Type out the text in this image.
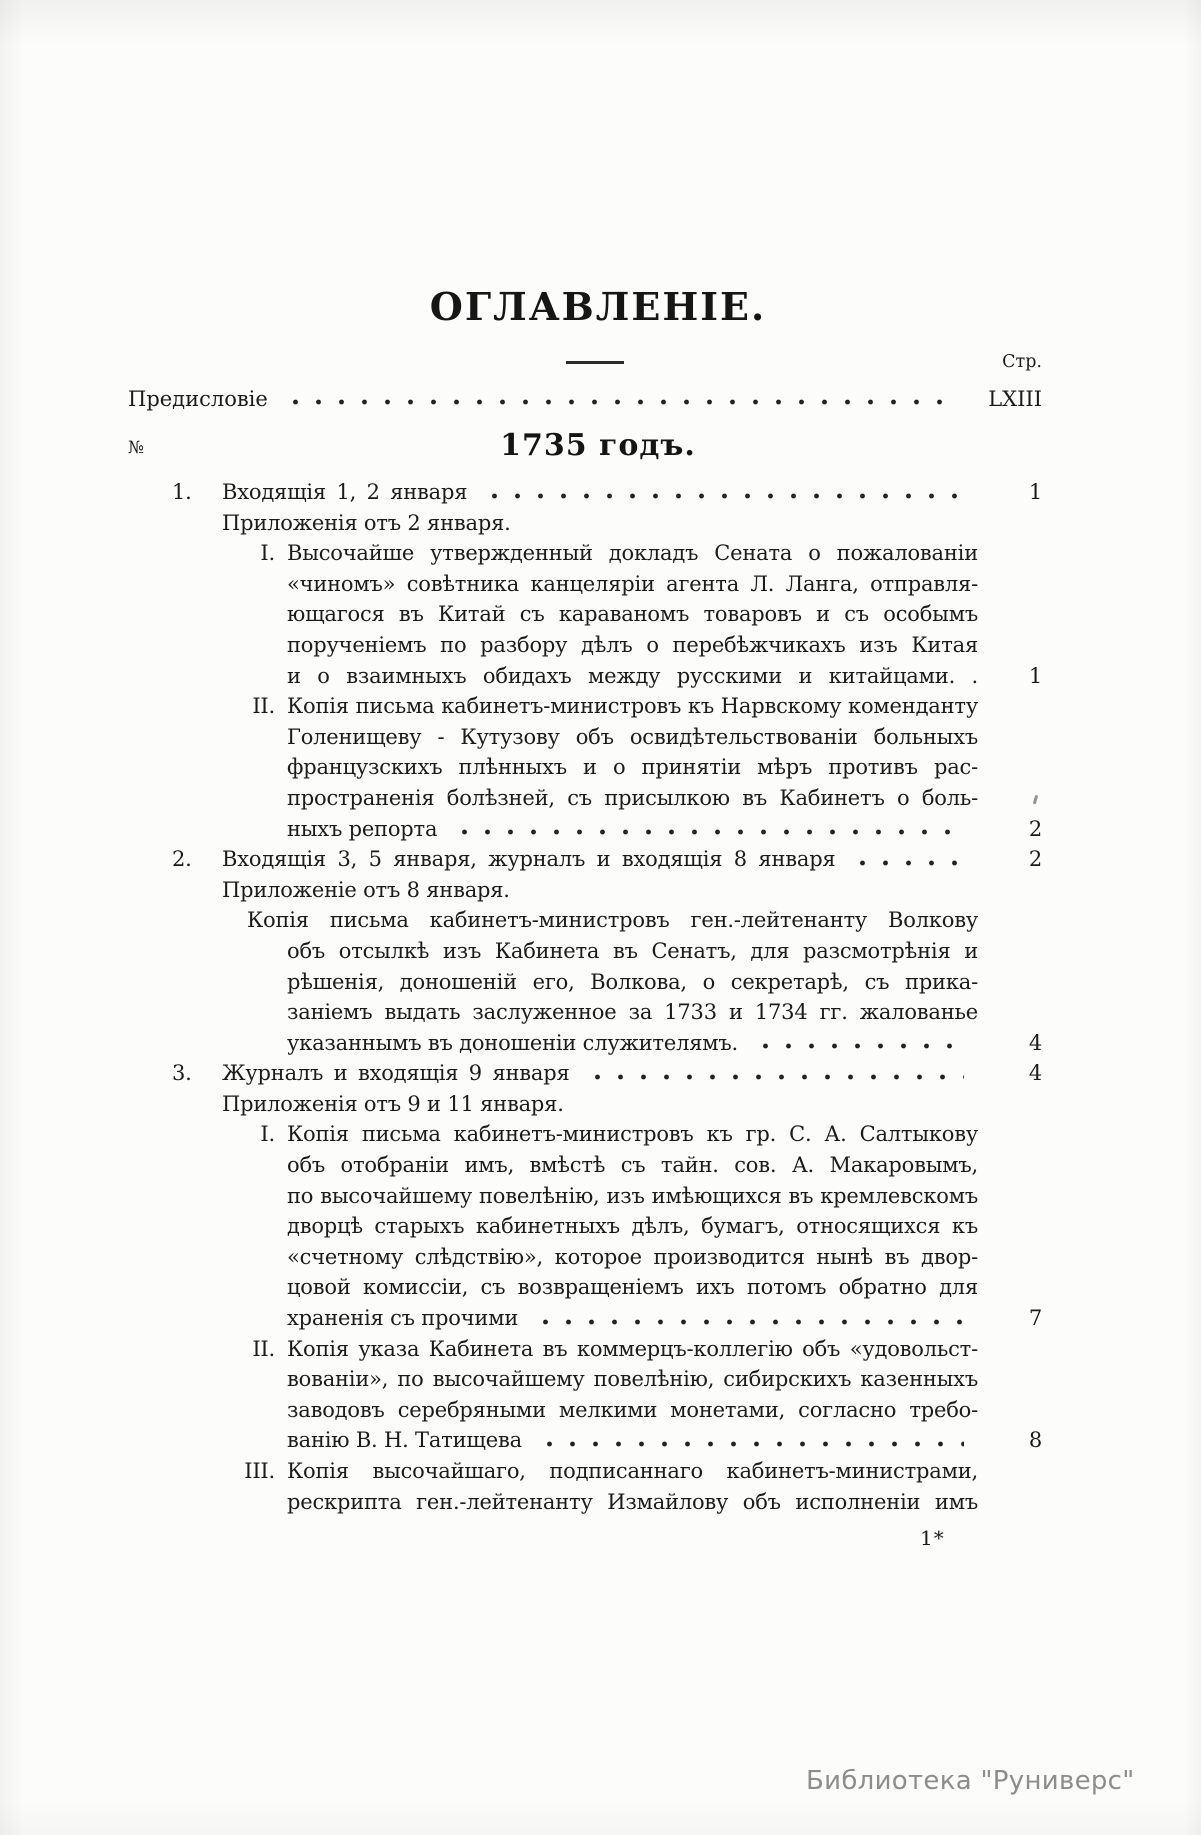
ОГЛАВЛЕНІЕ.
Стр.
Предисловіе	LXIII
№	1735 годъ.
1.	Входящія 1, 2 января	1
Приложенія отъ 2 января.
I. Высочайше утвержденный докладъ Сената о пожалованіи
«чиномъ» совѣтника канцеляріи агента Л. Ланга, отправля-
ющагося въ Китай съ караваномъ товаровъ и съ особымъ
порученіемъ по разбору дѣлъ о перебѣжчикахъ изъ Китая
и о взаимныхъ обидахъ между русскими и китайцами. .	1
II. Копія письма кабинетъ-министровъ къ Нарвскому коменданту
Голенищеву - Кутузову объ освидѣтельствованіи больныхъ
французскихъ плѣнныхъ и о принятіи мѣръ противъ рас-
пространенія болѣзней, съ присылкою въ Кабинетъ о боль-
ныхъ репорта	2
2.	Входящія 3, 5 января, журналъ и входящія 8 января	2
Приложеніе отъ 8 января.
Копія письма кабинетъ-министровъ ген.-лейтенанту Волкову
объ отсылкѣ изъ Кабинета въ Сенатъ, для разсмотрѣнія и
рѣшенія, доношеній его, Волкова, о секретарѣ, съ прика-
заніемъ выдать заслуженное за 1733 и 1734 гг. жалованье
указаннымъ въ доношеніи служителямъ.	4
3.	Журналъ и входящія 9 января	4
Приложенія отъ 9 и 11 января.
I. Копія письма кабинетъ-министровъ къ гр. С. А. Салтыкову
объ отобраніи имъ, вмѣстѣ съ тайн. сов. А. Макаровымъ,
по высочайшему повелѣнію, изъ имѣющихся въ кремлевскомъ
дворцѣ старыхъ кабинетныхъ дѣлъ, бумагъ, относящихся къ
«счетному слѣдствію», которое производится нынѣ въ двор-
цовой комиссіи, съ возвращеніемъ ихъ потомъ обратно для
храненія съ прочими	7
II. Копія указа Кабинета въ коммерцъ-коллегію объ «удовольст-
вованіи», по высочайшему повелѣнію, сибирскихъ казенныхъ
заводовъ серебряными мелкими монетами, согласно требо-
ванію В. Н. Татищева	8
III. Копія высочайшаго, подписаннаго кабинетъ-министрами,
рескрипта ген.-лейтенанту Измайлову объ исполненіи имъ
1*
Библиотека "Руниверс"
